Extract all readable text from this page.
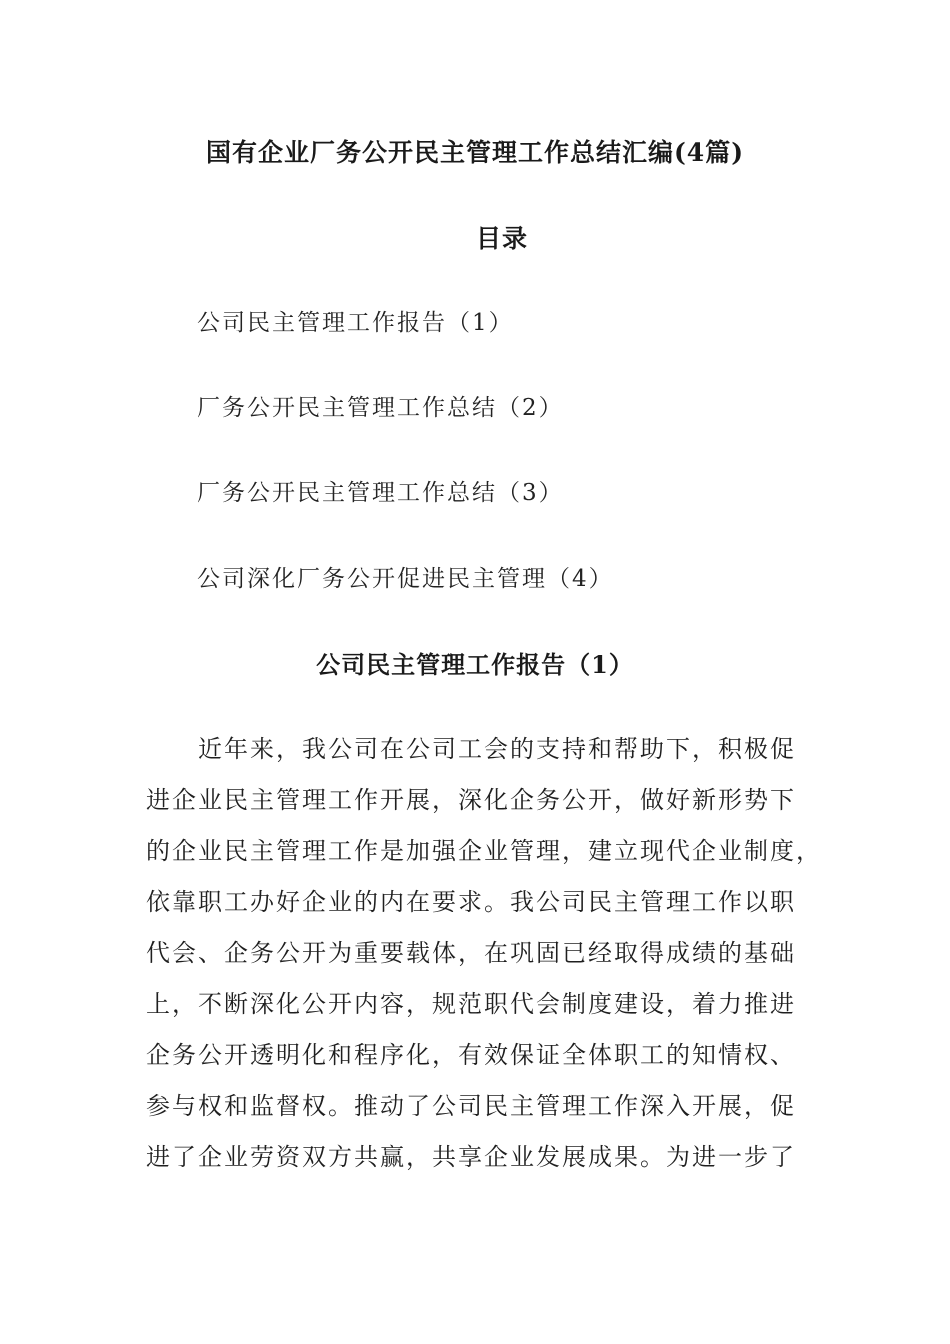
国有企业厂务公开民主管理工作总结汇编(4篇)
目录
公司民主管理工作报告（1）
厂务公开民主管理工作总结（2）
厂务公开民主管理工作总结（3）
公司深化厂务公开促进民主管理（4）
公司民主管理工作报告（1）
　　近年来，我公司在公司工会的支持和帮助下，积极促
进企业民主管理工作开展，深化企务公开，做好新形势下
的企业民主管理工作是加强企业管理，建立现代企业制度，
依靠职工办好企业的内在要求。我公司民主管理工作以职
代会、企务公开为重要载体，在巩固已经取得成绩的基础
上，不断深化公开内容，规范职代会制度建设，着力推进
企务公开透明化和程序化，有效保证全体职工的知情权、
参与权和监督权。推动了公司民主管理工作深入开展，促
进了企业劳资双方共赢，共享企业发展成果。为进一步了
